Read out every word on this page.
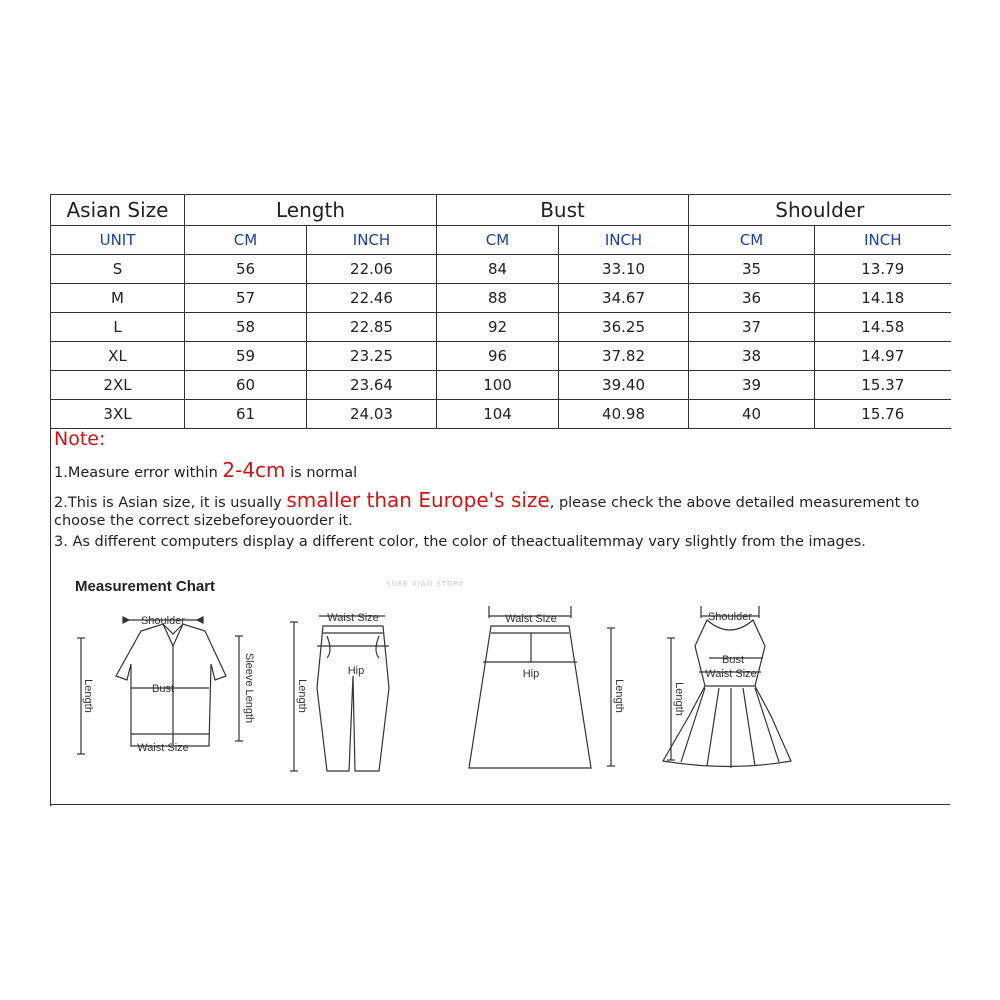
Asian Size	Length		Bust		Shoulder	
UNIT	CM	INCH	CM	INCH	CM	INCH
S	56	22.06	84	33.10	35	13.79
M	57	22.46	88	34.67	36	14.18
L	58	22.85	92	36.25	37	14.58
XL	59	23.25	96	37.82	38	14.97
2XL	60	23.64	100	39.40	39	15.37
3XL	61	24.03	104	40.98	40	15.76
Note:
1.Measure error within 2-4cm is normal
2.This is Asian size, it is usually smaller than Europe's size, please check the above detailed measurement to
choose the correct sizebeforeyouorder it.
3. As different computers display a different color, the color of theactualitemmay vary slightly from the images.
Measurement Chart	SURE XIAO STORY
Shoulder
Bust
Waist Size
Length	Sleeve Length
Waist Size
Hip
Length
Waist Size
Hip
Length
Shoulder
Bust
Waist Size
Length
